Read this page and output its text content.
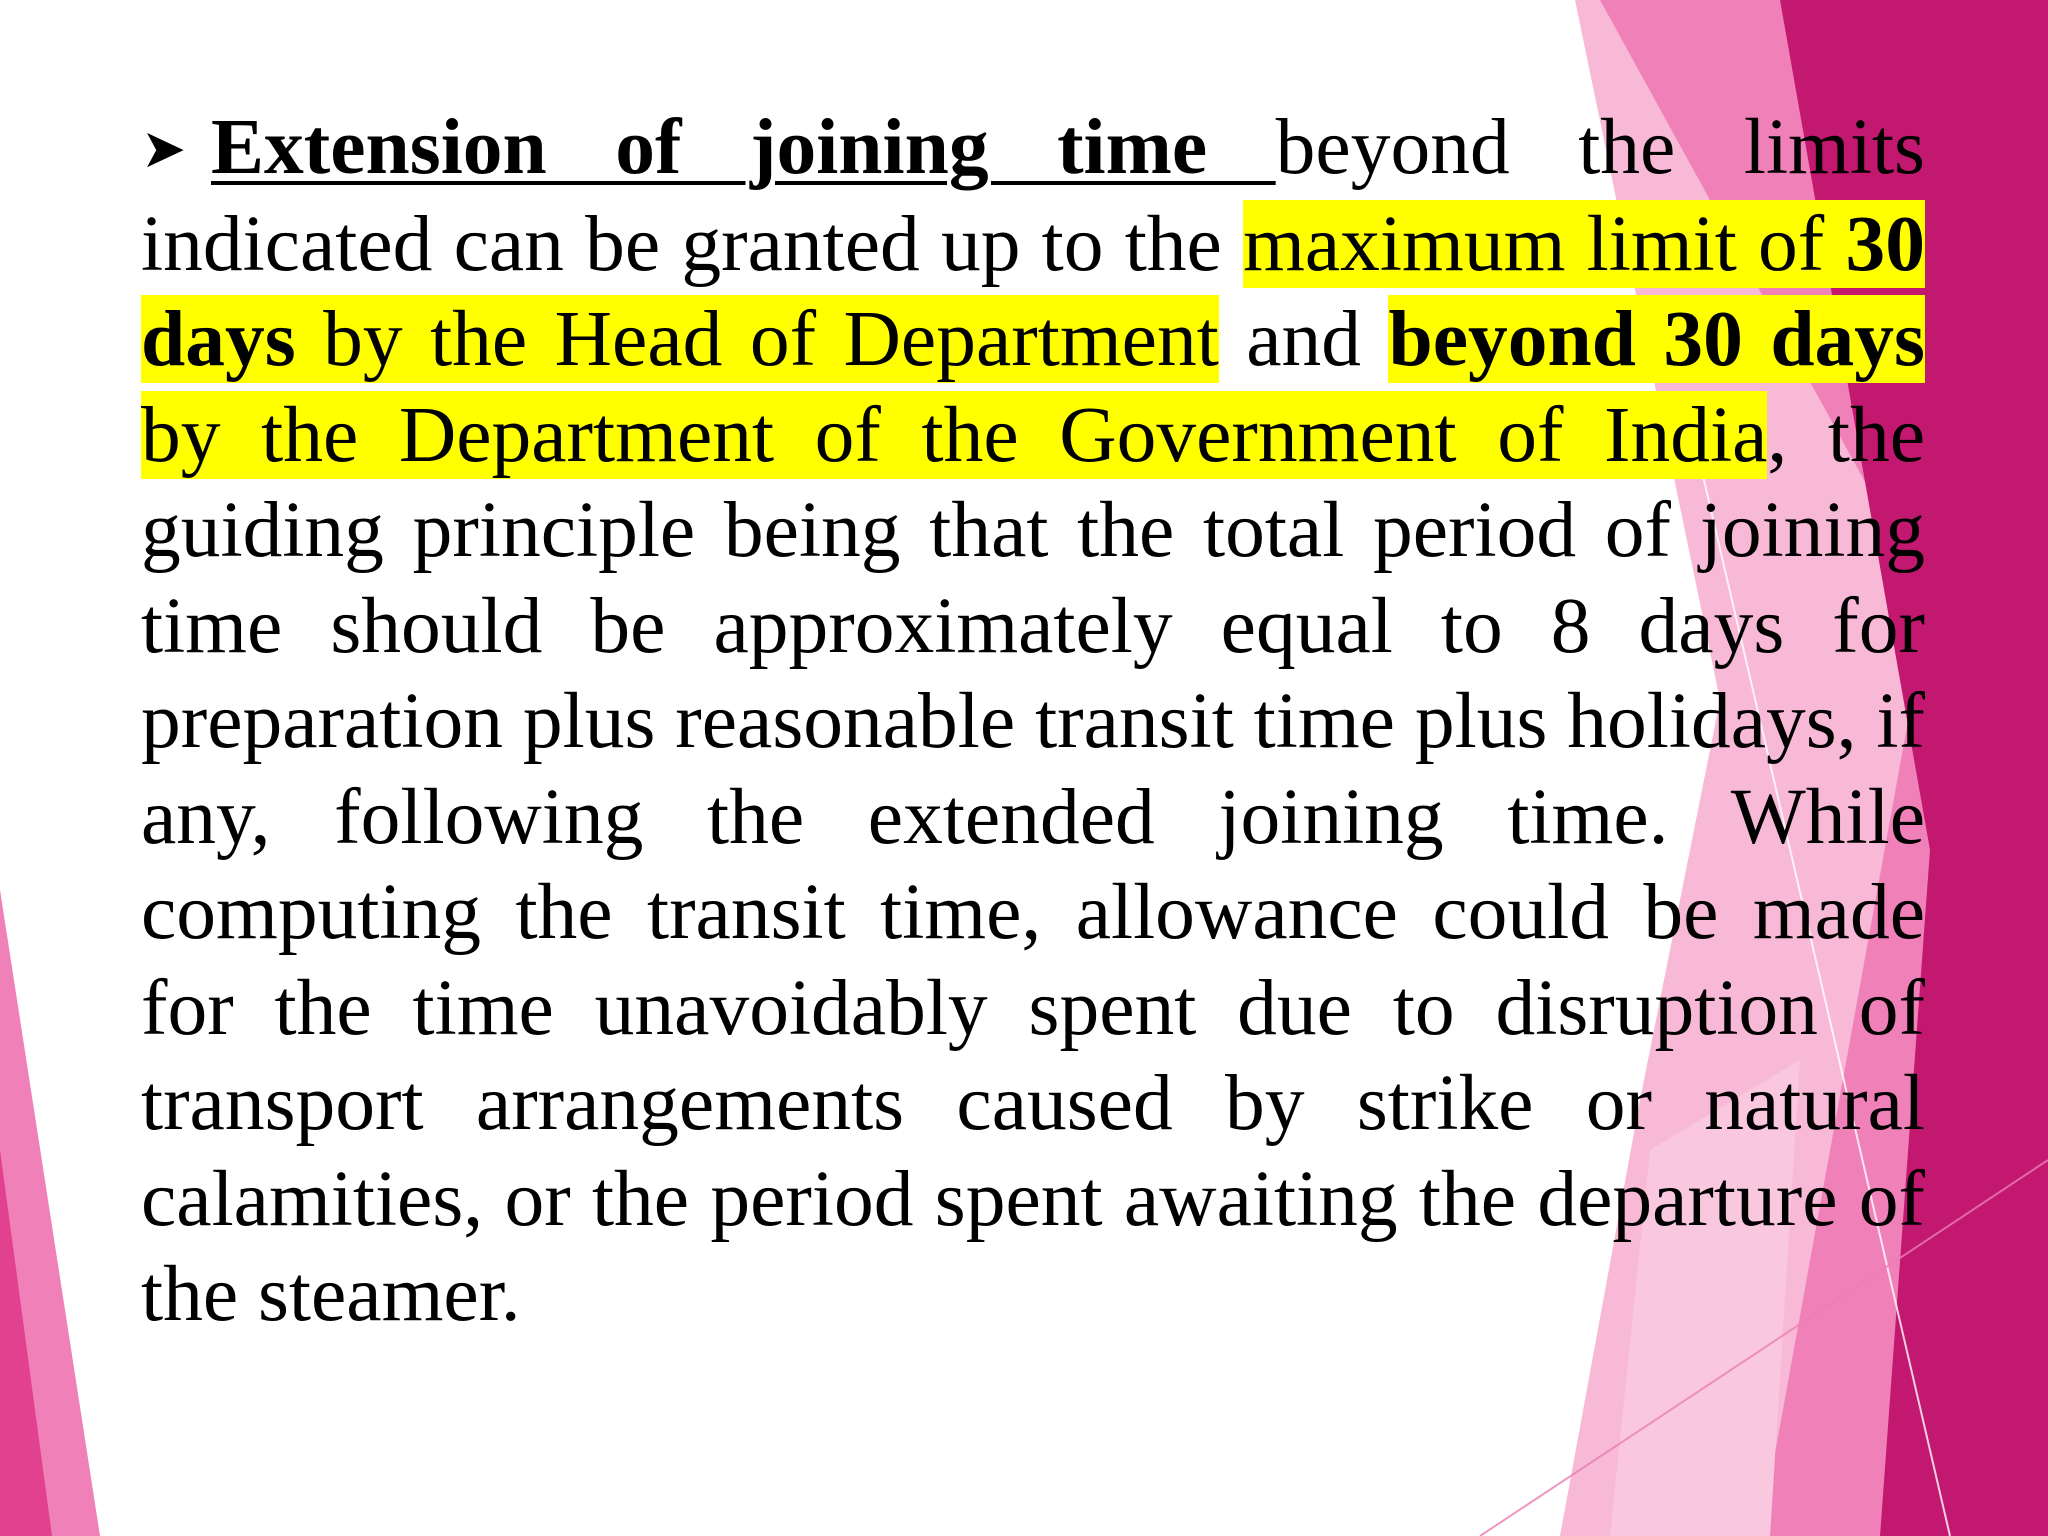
➤ Extension of joining time beyond the limits indicated can be granted up to the maximum limit of 30 days by the Head of Department and beyond 30 days by the Department of the Government of India, the guiding principle being that the total period of joining time should be approximately equal to 8 days for preparation plus reasonable transit time plus holidays, if any, following the extended joining time. While computing the transit time, allowance could be made for the time unavoidably spent due to disruption of transport arrangements caused by strike or natural calamities, or the period spent awaiting the departure of the steamer.
